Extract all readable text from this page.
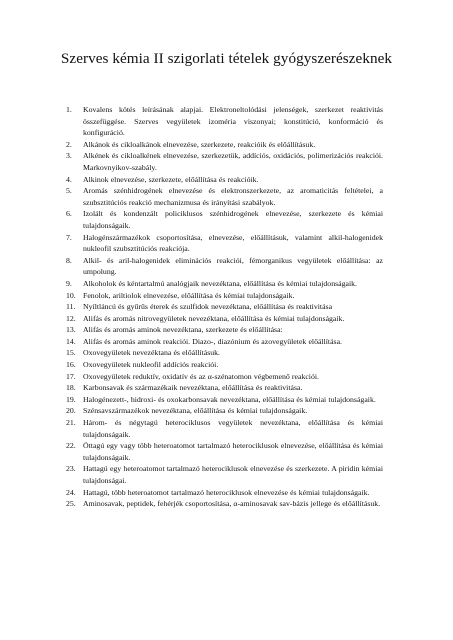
Szerves kémia II szigorlati tételek gyógyszerészeknek
1.	Kovalens kötés leírásának alapjai. Elektroneltolódási jelenségek, szerkezet reaktivitás összefüggése. Szerves vegyületek izoméria viszonyai; konstitúció, konformáció és konfiguráció.
2.	Alkánok és cikloalkánok elnevezése, szerkezete, reakcióik és előállításuk.
3.	Alkének és cikloalkének elnevezése, szerkezetük, addíciós, oxidációs, polimerizációs reakciói. Markovnyikov-szabály.
4.	Alkinok elnevezése, szerkezete, előállítása és reakcióik.
5.	Aromás szénhidrogének elnevezése és elektronszerkezete, az aromaticitás feltételei, a szubsztitúciós reakció mechanizmusa és irányítási szabályok.
6.	Izolált és kondenzált policiklusos szénhidrogének elnevezése, szerkezete és kémiai tulajdonságaik.
7.	Halogénszármazékok csoportosítása, elnevezése, előállításuk, valamint alkil-halogenidek nukleofil szubsztitúciós reakciója.
8.	Alkil- és aril-halogenidek eliminációs reakciói, fémorganikus vegyületek előállítása: az umpolung.
9.	Alkoholok és kéntartalmú analógjaik nevezéktana, előállítása és kémiai tulajdonságaik.
10. Fenolok, ariltiolok elnevezése, előállítása és kémiai tulajdonságaik.
11. Nyíltláncú és gyűrűs éterek és szulfidok nevezéktana, előállítása és reaktivitása
12. Alifás és aromás nitrovegyületek nevezéktana, előállítása és kémiai tulajdonságaik.
13. Alifás és aromás aminok nevezéktana, szerkezete és előállítása:
14. Alifás és aromás aminok reakciói. Diazo-, diazónium és azovegyületek előállítása.
15. Oxovegyületek nevezéktana és előállításuk.
16. Oxovegyületek nukleofil addíciós reakciói.
17. Oxovegyületek reduktív, oxidatív és az α-szénatomon végbemenő reakciói.
18. Karbonsavak és származékaik nevezéktana, előállítása és reaktivitása.
19. Halogénezett-, hidroxi- és oxokarbonsavak nevezéktana, előállítása és kémiai tulajdonságaik.
20. Szénsavszármazékok nevezéktana, előállítása és kémiai tulajdonságaik.
21. Három- és négytagú heterociklusos vegyületek nevezéktana, előállítása és kémiai tulajdonságaik.
22. Öttagú egy vagy több heteroatomot tartalmazó heterociklusok elnevezése, előállítása és kémiai tulajdonságaik.
23. Hattagú egy heteroatomot tartalmazó heterociklusok elnevezése és szerkezete. A piridin kémiai tulajdonságai.
24. Hattagú, több heteroatomot tartalmazó heterociklusok elnevezése és kémiai tulajdonságaik.
25. Aminosavak, peptidek, fehérjék csoportosítása, α-aminosavak sav-bázis jellege és előállításuk.
